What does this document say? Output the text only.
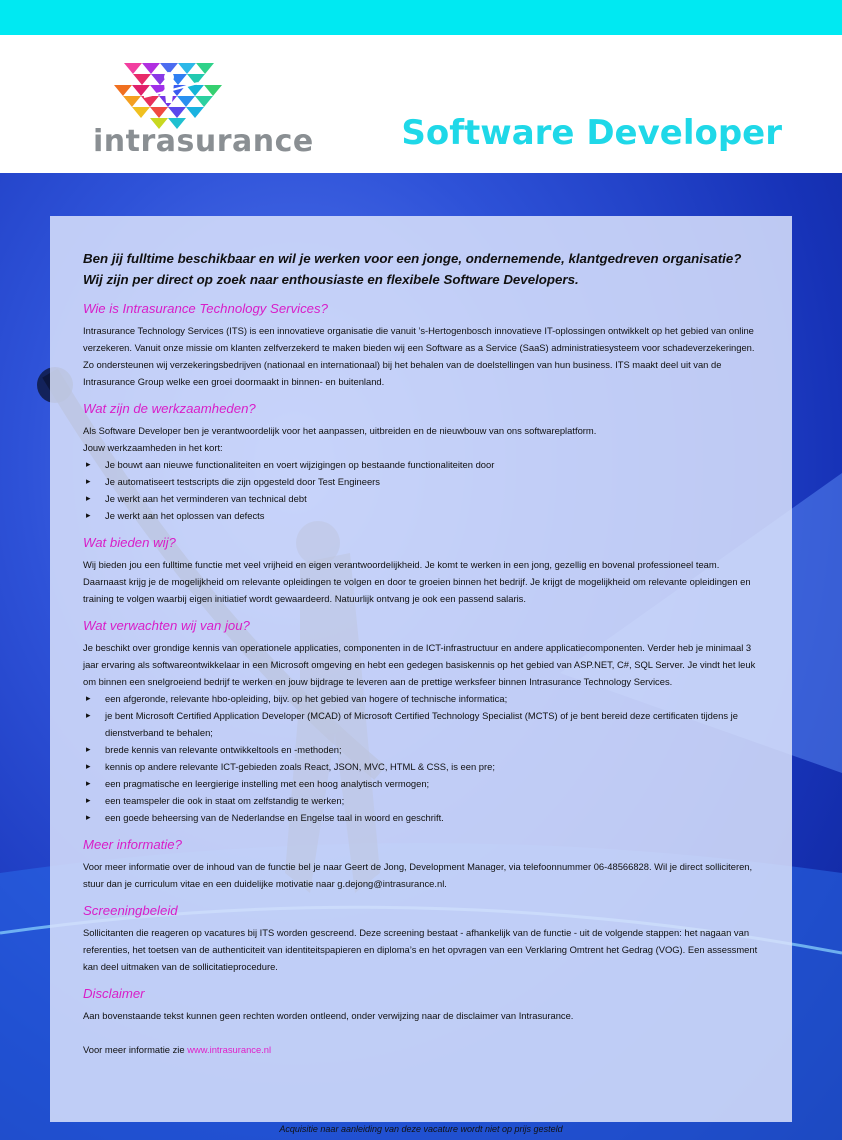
intrasurance	Software Developer
Ben jij fulltime beschikbaar en wil je werken voor een jonge, ondernemende, klantgedreven organisatie?
Wij zijn per direct op zoek naar enthousiaste en flexibele Software Developers.
Wie is Intrasurance Technology Services?

Intrasurance Technology Services (ITS) is een innovatieve organisatie die vanuit ’s-Hertogenbosch innovatieve IT-oplossingen ontwikkelt op het gebied van online verzekeren. Vanuit onze missie om klanten zelfverzekerd te maken bieden wij een Software as a Service (SaaS) administratiesysteem voor schadeverzekeringen. Zo ondersteunen wij verzekeringsbedrijven (nationaal en internationaal) bij het behalen van de doelstellingen van hun business. ITS maakt deel uit van de Intrasurance Group welke een groei doormaakt in binnen- en buitenland.

Wat zijn de werkzaamheden?

Als Software Developer ben je verantwoordelijk voor het aanpassen, uitbreiden en de nieuwbouw van ons softwareplatform.

Jouw werkzaamheden in het kort:

▸ Je bouwt aan nieuwe functionaliteiten en voert wijzigingen op bestaande functionaliteiten door
▸ Je automatiseert testscripts die zijn opgesteld door Test Engineers
▸ Je werkt aan het verminderen van technical debt
▸ Je werkt aan het oplossen van defects
Wat bieden wij?

Wij bieden jou een fulltime functie met veel vrijheid en eigen verantwoordelijkheid. Je komt te werken in een jong, gezellig en bovenal professioneel team. Daarnaast krijg je de mogelijkheid om relevante opleidingen te volgen en door te groeien binnen het bedrijf. Je krijgt de mogelijkheid om relevante opleidingen en training te volgen waarbij eigen initiatief wordt gewaardeerd. Natuurlijk ontvang je ook een passend salaris.

Wat verwachten wij van jou?

Je beschikt over grondige kennis van operationele applicaties, componenten in de ICT-infrastructuur en andere applicatiecomponenten. Verder heb je minimaal 3 jaar ervaring als softwareontwikkelaar in een Microsoft omgeving en hebt een gedegen basiskennis op het gebied van ASP.NET, C#, SQL Server. Je vindt het leuk om binnen een snelgroeiend bedrijf te werken en jouw bijdrage te leveren aan de prettige werksfeer binnen Intrasurance Technology Services.

▸ een afgeronde, relevante hbo-opleiding, bijv. op het gebied van hogere of technische informatica;
▸ je bent Microsoft Certified Application Developer (MCAD) of Microsoft Certified Technology Specialist (MCTS) of je bent bereid deze certificaten tijdens je dienstverband te behalen;
▸ brede kennis van relevante ontwikkeltools en -methoden;
▸ kennis op andere relevante ICT-gebieden zoals React, JSON, MVC, HTML & CSS, is een pre;
▸ een pragmatische en leergierige instelling met een hoog analytisch vermogen;
▸ een teamspeler die ook in staat om zelfstandig te werken;
▸ een goede beheersing van de Nederlandse en Engelse taal in woord en geschrift.
Meer informatie?

Voor meer informatie over de inhoud van de functie bel je naar Geert de Jong, Development Manager, via telefoonnummer 06-48566828. Wil je direct solliciteren, stuur dan je curriculum vitae en een duidelijke motivatie naar g.dejong@intrasurance.nl.

Screeningbeleid

Sollicitanten die reageren op vacatures bij ITS worden gescreend. Deze screening bestaat - afhankelijk van de functie - uit de volgende stappen: het nagaan van referenties, het toetsen van de authenticiteit van identiteitspapieren en diploma’s en het opvragen van een Verklaring Omtrent het Gedrag (VOG). Een assessment kan deel uitmaken van de sollicitatieprocedure.

Disclaimer

Aan bovenstaande tekst kunnen geen rechten worden ontleend, onder verwijzing naar de disclaimer van Intrasurance.

Voor meer informatie zie www.intrasurance.nl

Acquisitie naar aanleiding van deze vacature wordt niet op prijs gesteld
